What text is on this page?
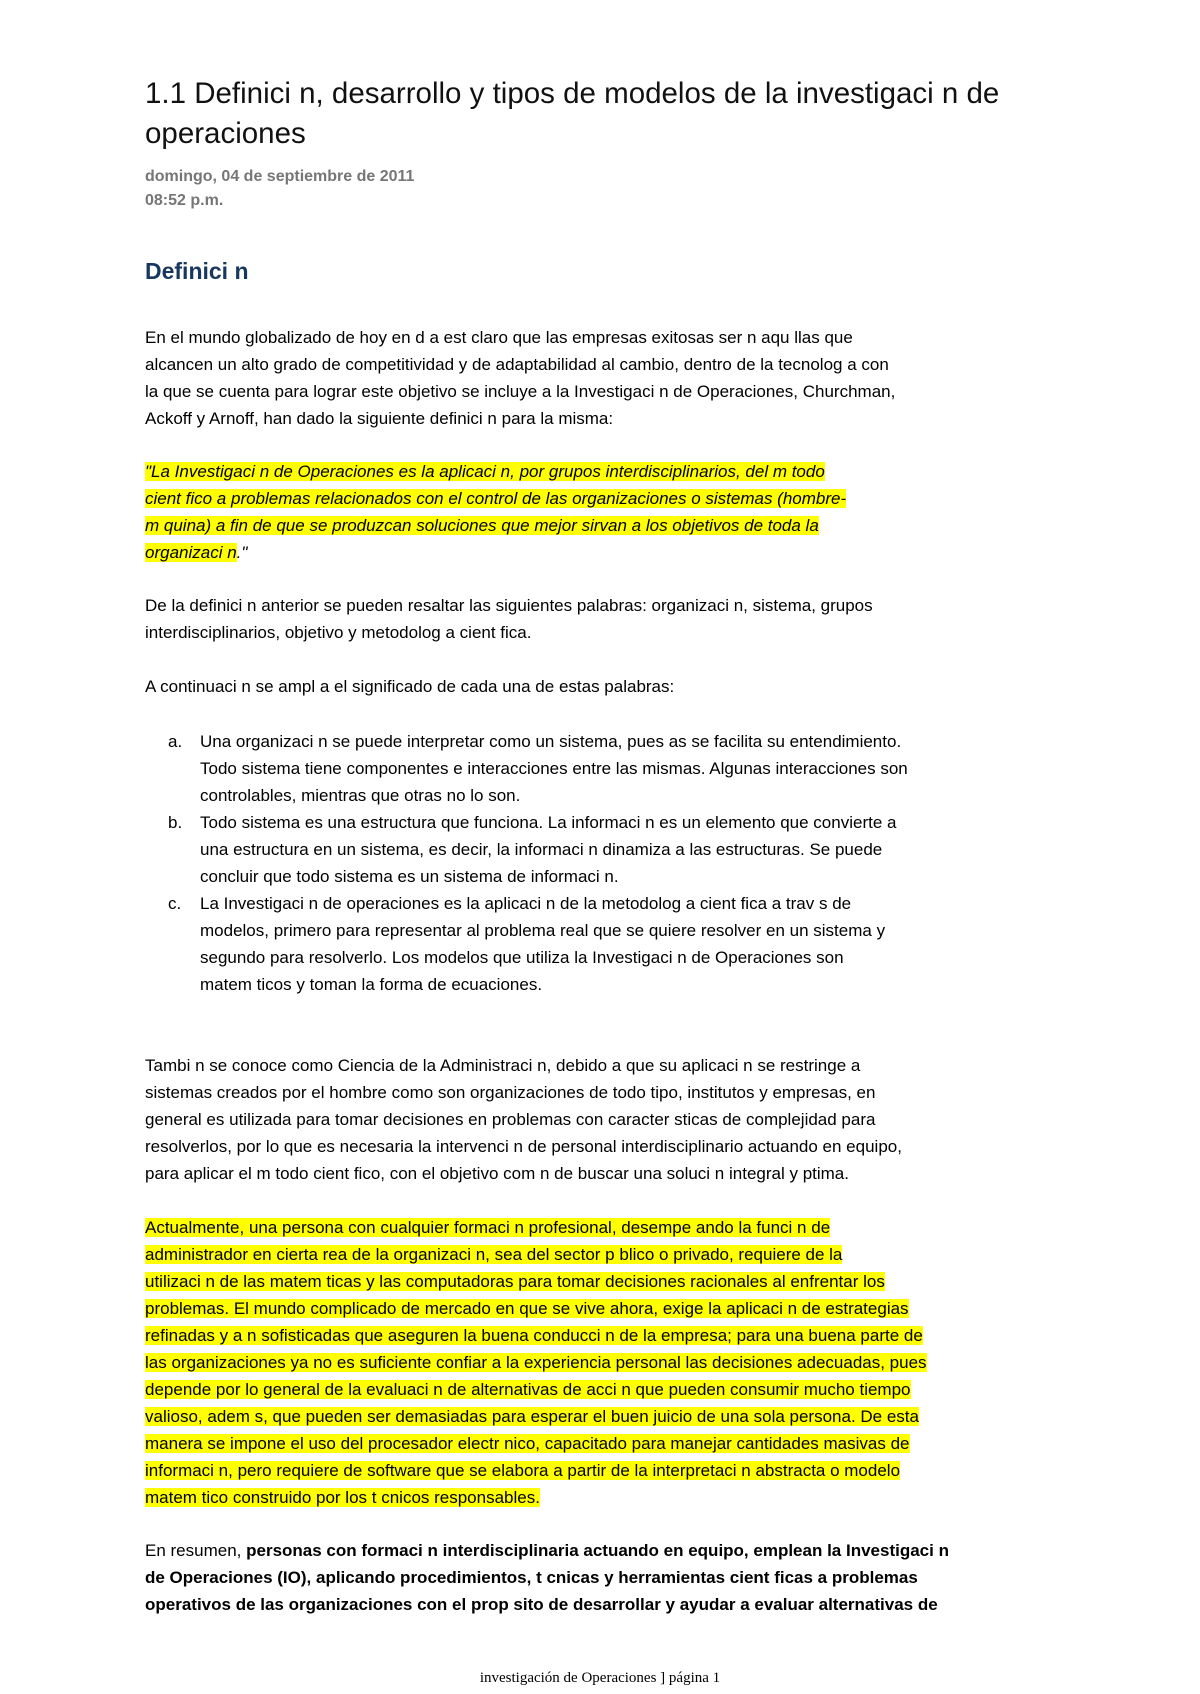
1.1 Definici n, desarrollo y tipos de modelos de la investigaci n de operaciones
domingo, 04 de septiembre de 2011
08:52 p.m.
Definici n
En el mundo globalizado de hoy en d a est claro que las empresas exitosas ser n aqu llas que
alcancen un alto grado de competitividad y de adaptabilidad al cambio, dentro de la tecnolog a con
la que se cuenta para lograr este objetivo se incluye a la Investigaci n de Operaciones, Churchman,
Ackoff y Arnoff, han dado la siguiente definici n para la misma:
"La Investigaci n de Operaciones es la aplicaci n, por grupos interdisciplinarios, del m todo
cient fico a problemas relacionados con el control de las organizaciones o sistemas (hombre-
m quina) a fin de que se produzcan soluciones que mejor sirvan a los objetivos de toda la
organizaci n."
De la definici n anterior se pueden resaltar las siguientes palabras: organizaci n, sistema, grupos
interdisciplinarios, objetivo y metodolog a cient fica.
A continuaci n se ampl a el significado de cada una de estas palabras:
a. Una organizaci n se puede interpretar como un sistema, pues as se facilita su entendimiento.
Todo sistema tiene componentes e interacciones entre las mismas. Algunas interacciones son
controlables, mientras que otras no lo son.
b. Todo sistema es una estructura que funciona. La informaci n es un elemento que convierte a
una estructura en un sistema, es decir, la informaci n dinamiza a las estructuras. Se puede
concluir que todo sistema es un sistema de informaci n.
c. La Investigaci n de operaciones es la aplicaci n de la metodolog a cient fica a trav s de
modelos, primero para representar al problema real que se quiere resolver en un sistema y
segundo para resolverlo. Los modelos que utiliza la Investigaci n de Operaciones son
matem ticos y toman la forma de ecuaciones.
Tambi n se conoce como Ciencia de la Administraci n, debido a que su aplicaci n se restringe a
sistemas creados por el hombre como son organizaciones de todo tipo, institutos y empresas, en
general es utilizada para tomar decisiones en problemas con caracter sticas de complejidad para
resolverlos, por lo que es necesaria la intervenci n de personal interdisciplinario actuando en equipo,
para aplicar el m todo cient fico, con el objetivo com n de buscar una soluci n integral y ptima.
Actualmente, una persona con cualquier formaci n profesional, desempe ando la funci n de
administrador en cierta rea de la organizaci n, sea del sector p blico o privado, requiere de la
utilizaci n de las matem ticas y las computadoras para tomar decisiones racionales al enfrentar los
problemas. El mundo complicado de mercado en que se vive ahora, exige la aplicaci n de estrategias
refinadas y a n sofisticadas que aseguren la buena conducci n de la empresa; para una buena parte de
las organizaciones ya no es suficiente confiar a la experiencia personal las decisiones adecuadas, pues
depende por lo general de la evaluaci n de alternativas de acci n que pueden consumir mucho tiempo
valioso, adem s, que pueden ser demasiadas para esperar el buen juicio de una sola persona. De esta
manera se impone el uso del procesador electr nico, capacitado para manejar cantidades masivas de
informaci n, pero requiere de software que se elabora a partir de la interpretaci n abstracta o modelo
matem tico construido por los t cnicos responsables.
En resumen, personas con formaci n interdisciplinaria actuando en equipo, emplean la Investigaci n
de Operaciones (IO), aplicando procedimientos, t cnicas y herramientas cient ficas a problemas
operativos de las organizaciones con el prop sito de desarrollar y ayudar a evaluar alternativas de
investigación de Operaciones ] página 1
